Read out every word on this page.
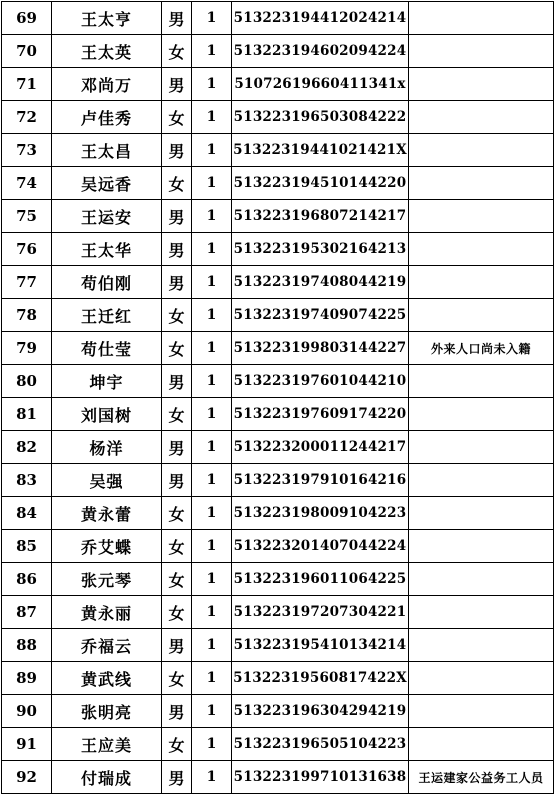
69	王太亨	男	1	513223194412024214	
70	王太英	女	1	513223194602094224	
71	邓尚万	男	1	51072619660411341x	
72	卢佳秀	女	1	513223196503084222	
73	王太昌	男	1	51322319441021421X	
74	吴远香	女	1	513223194510144220	
75	王运安	男	1	513223196807214217	
76	王太华	男	1	513223195302164213	
77	苟伯刚	男	1	513223197408044219	
78	王迁红	女	1	513223197409074225	
79	苟仕莹	女	1	513223199803144227	外来人口尚未入籍
80	坤宇	男	1	513223197601044210	
81	刘国树	女	1	513223197609174220	
82	杨洋	男	1	513223200011244217	
83	吴强	男	1	513223197910164216	
84	黄永蕾	女	1	513223198009104223	
85	乔艾蝶	女	1	513223201407044224	
86	张元琴	女	1	513223196011064225	
87	黄永丽	女	1	513223197207304221	
88	乔福云	男	1	513223195410134214	
89	黄武线	女	1	51322319560817422X	
90	张明亮	男	1	513223196304294219	
91	王应美	女	1	513223196505104223	
92	付瑞成	男	1	513223199710131638	王运建家公益务工人员
